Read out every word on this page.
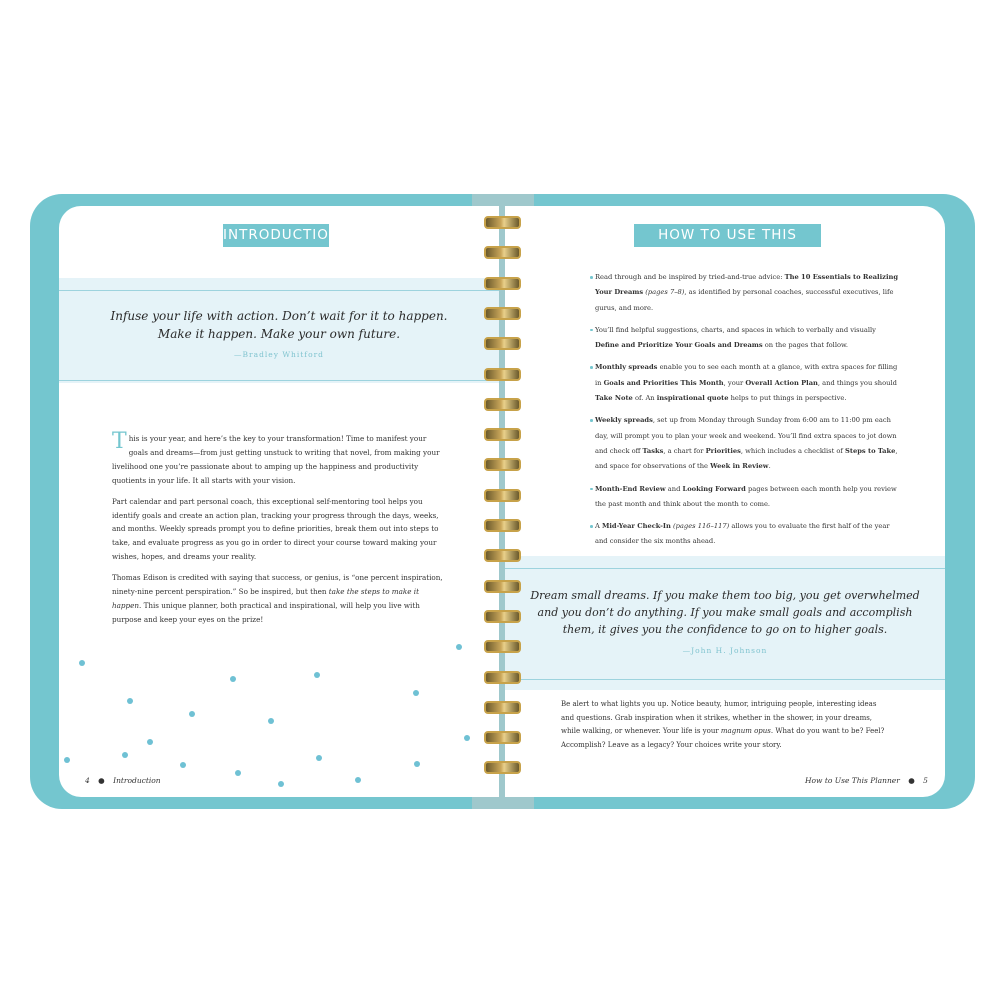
INTRODUCTION
Infuse your life with action. Don’t wait for it to happen.
Make it happen. Make your own future.
—Bradley Whitford

This is your year, and here’s the key to your transformation! Time to manifest your goals and dreams—from just getting unstuck to writing that novel, from making your livelihood one you’re passionate about to amping up the happiness and productivity quotients in your life. It all starts with your vision.

Part calendar and part personal coach, this exceptional self-mentoring tool helps you identify goals and create an action plan, tracking your progress through the days, weeks, and months. Weekly spreads prompt you to define priorities, break them out into steps to take, and evaluate progress as you go in order to direct your course toward making your wishes, hopes, and dreams your reality.

Thomas Edison is credited with saying that success, or genius, is “one percent inspiration, ninety-nine percent perspiration.” So be inspired, but then take the steps to make it happen. This unique planner, both practical and inspirational, will help you live with purpose and keep your eyes on the prize!

4 ● Introduction
HOW TO USE THIS PLANNER
Read through and be inspired by tried-and-true advice: The 10 Essentials to Realizing Your Dreams (pages 7–8), as identified by personal coaches, successful executives, life gurus, and more.
You’ll find helpful suggestions, charts, and spaces in which to verbally and visually Define and Prioritize Your Goals and Dreams on the pages that follow.
Monthly spreads enable you to see each month at a glance, with extra spaces for filling in Goals and Priorities This Month, your Overall Action Plan, and things you should Take Note of. An inspirational quote helps to put things in perspective.
Weekly spreads, set up from Monday through Sunday from 6:00 am to 11:00 pm each day, will prompt you to plan your week and weekend. You’ll find extra spaces to jot down and check off Tasks, a chart for Priorities, which includes a checklist of Steps to Take, and space for observations of the Week in Review.
Month-End Review and Looking Forward pages between each month help you review the past month and think about the month to come.
A Mid-Year Check-In (pages 116–117) allows you to evaluate the first half of the year and consider the six months ahead.
Dream small dreams. If you make them too big, you get overwhelmed
and you don’t do anything. If you make small goals and accomplish
them, it gives you the confidence to go on to higher goals.
—John H. Johnson
Be alert to what lights you up. Notice beauty, humor, intriguing people, interesting ideas and questions. Grab inspiration when it strikes, whether in the shower, in your dreams, while walking, or whenever. Your life is your magnum opus. What do you want to be? Feel? Accomplish? Leave as a legacy? Your choices write your story.
How to Use This Planner ● 5
